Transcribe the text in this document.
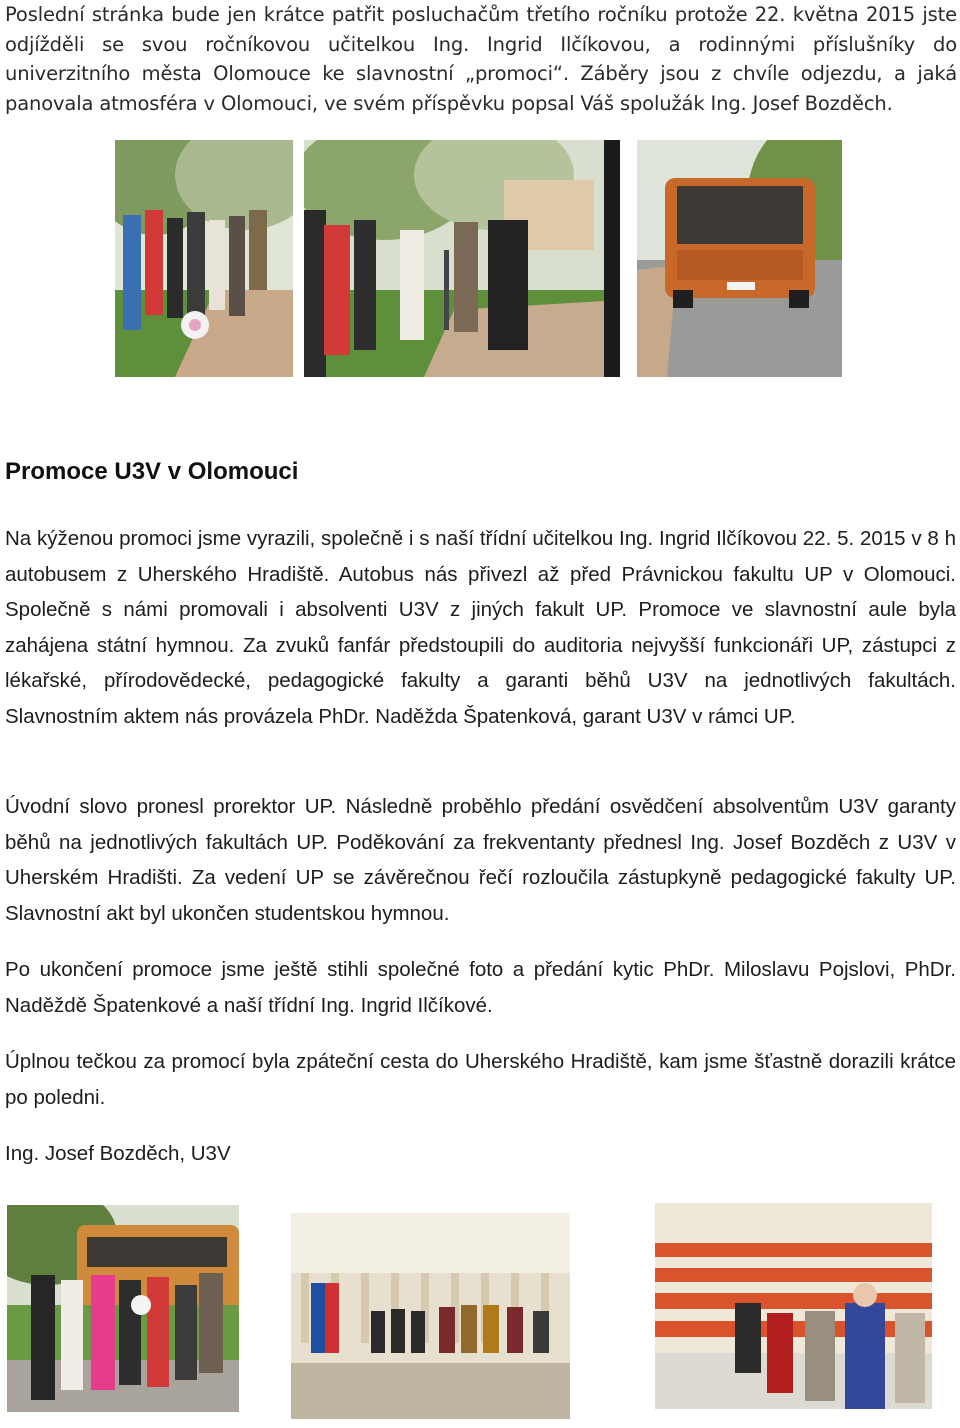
Poslední stránka bude jen krátce patřit posluchačům třetího ročníku protože 22. května 2015 jste odjížděli se svou ročníkovou učitelkou Ing. Ingrid Ilčíkovou, a rodinnými příslušníky do univerzitního města Olomouce ke slavnostní „promoci“. Záběry jsou z chvíle odjezdu, a jaká panovala atmosféra v Olomouci, ve svém příspěvku popsal Váš spolužák Ing. Josef Bozděch.

Promoce U3V v Olomouci

Na kýženou promoci jsme vyrazili, společně i s naší třídní učitelkou Ing. Ingrid Ilčíkovou 22. 5. 2015 v 8 h autobusem z Uherského Hradiště. Autobus nás přivezl až před Právnickou fakultu UP v Olomouci. Společně s námi promovali i absolventi U3V z jiných fakult UP. Promoce ve slavnostní aule byla zahájena státní hymnou. Za zvuků fanfár předstoupili do auditoria nejvyšší funkcionáři UP, zástupci z lékařské, přírodovědecké, pedagogické fakulty a garanti běhů U3V na jednotlivých fakultách. Slavnostním aktem nás provázela PhDr. Naděžda Špatenková, garant U3V v rámci UP.

Úvodní slovo pronesl prorektor UP. Následně proběhlo předání osvědčení absolventům U3V garanty běhů na jednotlivých fakultách UP. Poděkování za frekventanty přednesl Ing. Josef Bozděch z U3V v Uherském Hradišti. Za vedení UP se závěrečnou řečí rozloučila zástupkyně pedagogické fakulty UP. Slavnostní akt byl ukončen studentskou hymnou.

Po ukončení promoce jsme ještě stihli společné foto a předání kytic PhDr. Miloslavu Pojslovi, PhDr. Naděždě Špatenkové a naší třídní Ing. Ingrid Ilčíkové.

Úplnou tečkou za promocí byla zpáteční cesta do Uherského Hradiště, kam jsme šťastně dorazili krátce po poledni.

Ing. Josef Bozděch, U3V
